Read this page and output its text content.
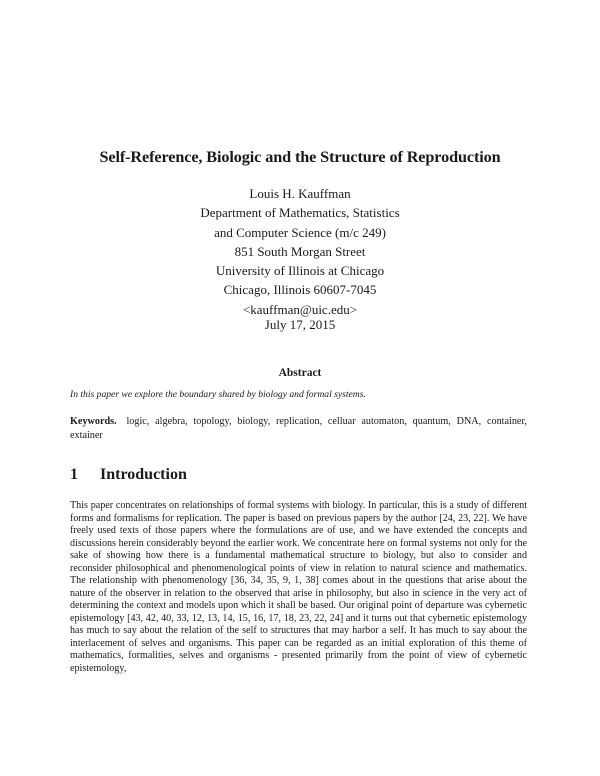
Self-Reference, Biologic and the Structure of Reproduction
Louis H. Kauffman
Department of Mathematics, Statistics
and Computer Science (m/c 249)
851 South Morgan Street
University of Illinois at Chicago
Chicago, Illinois 60607-7045
<kauffman@uic.edu>
July 17, 2015
Abstract
In this paper we explore the boundary shared by biology and formal systems.
Keywords. logic, algebra, topology, biology, replication, celluar automaton, quantum, DNA, container, extainer
1 Introduction
This paper concentrates on relationships of formal systems with biology. In particular, this is a study of different forms and formalisms for replication. The paper is based on previous papers by the author [24, 23, 22]. We have freely used texts of those papers where the formulations are of use, and we have extended the concepts and discussions herein considerably beyond the earlier work. We concentrate here on formal systems not only for the sake of showing how there is a fundamental mathematical structure to biology, but also to consider and reconsider philosophical and phenomenological points of view in relation to natural science and mathematics. The relationship with phenomenology [36, 34, 35, 9, 1, 38] comes about in the questions that arise about the nature of the observer in relation to the observed that arise in philosophy, but also in science in the very act of determining the context and models upon which it shall be based. Our original point of departure was cybernetic epistemology [43, 42, 40, 33, 12, 13, 14, 15, 16, 17, 18, 23, 22, 24] and it turns out that cybernetic epistemology has much to say about the relation of the self to structures that may harbor a self. It has much to say about the interlacement of selves and organisms. This paper can be regarded as an initial exploration of this theme of mathematics, formalities, selves and organisms - presented primarily from the point of view of cybernetic epistemology,
